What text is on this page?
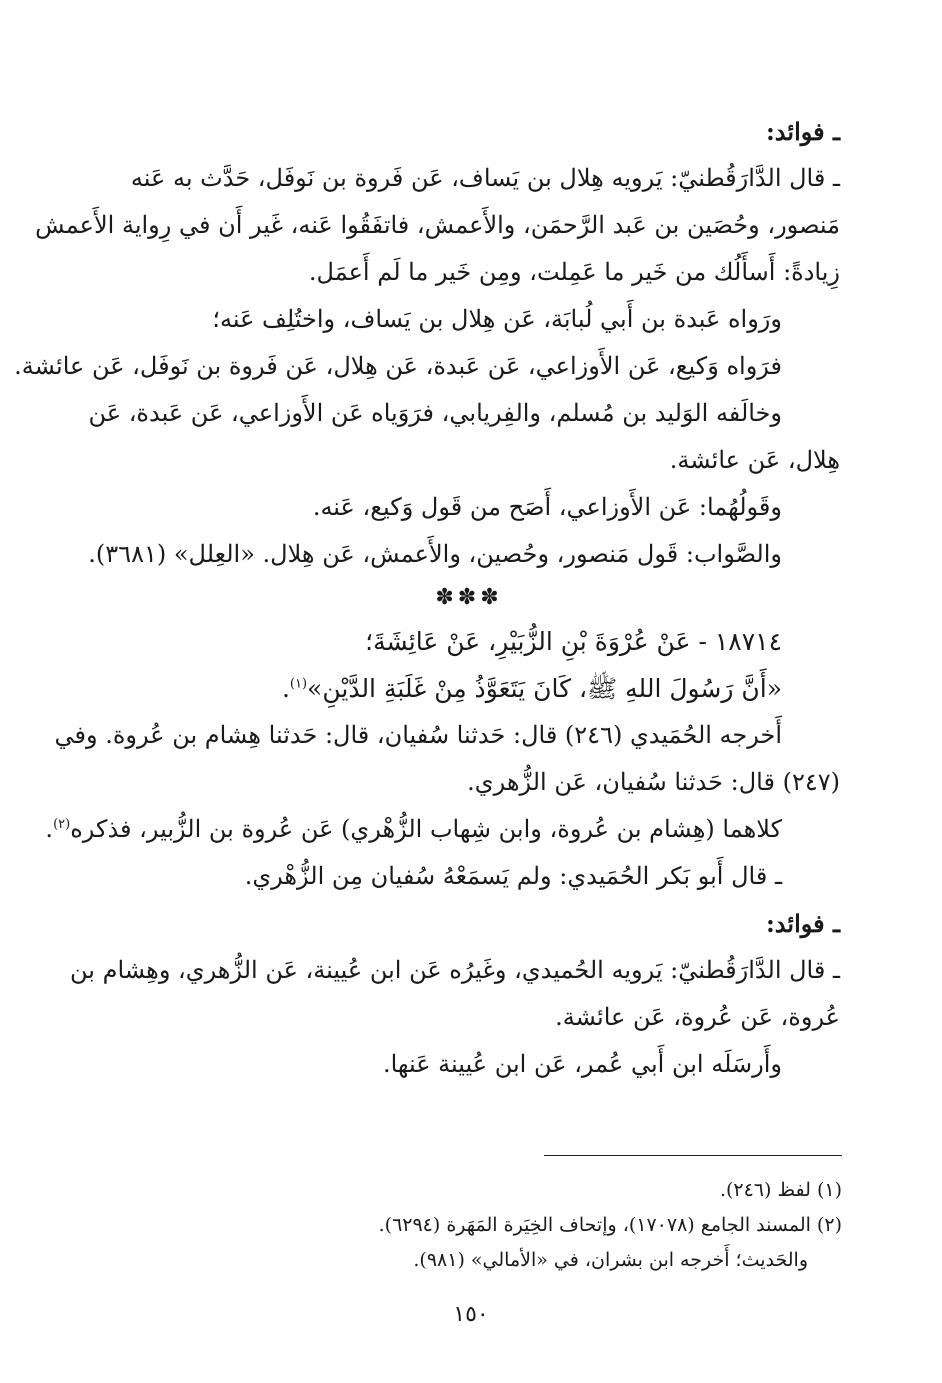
ـ فوائد:
ـ قال الدَّارَقُطنيّ: يَرويه هِلال بن يَساف، عَن فَروة بن نَوفَل، حَدَّث به عَنه
مَنصور، وحُصَين بن عَبد الرَّحمَن، والأَعمش، فاتفَقُوا عَنه، غَير أَن في رِواية الأَعمش
زِيادةً: أَسأَلُك من خَير ما عَمِلت، ومِن خَير ما لَم أَعمَل.
ورَواه عَبدة بن أَبي لُبابَة، عَن هِلال بن يَساف، واختُلِف عَنه؛
فرَواه وَكيع، عَن الأَوزاعي، عَن عَبدة، عَن هِلال، عَن فَروة بن نَوفَل، عَن عائشة.
وخالَفه الوَليد بن مُسلم، والفِريابي، فرَوَياه عَن الأَوزاعي، عَن عَبدة، عَن
هِلال، عَن عائشة.
وقَولُهُما: عَن الأَوزاعي، أَصَح من قَول وَكيع، عَنه.
والصَّواب: قَول مَنصور، وحُصين، والأَعمش، عَن هِلال. «العِلل» (٣٦٨١).
✽✽✽
١٨٧١٤ - عَنْ عُرْوَةَ بْنِ الزُّبَيْرِ، عَنْ عَائِشَةَ؛
«أَنَّ رَسُولَ اللهِ ﷺ، كَانَ يَتَعَوَّذُ مِنْ غَلَبَةِ الدَّيْنِ»$^{(١)}$.
أَخرجه الحُمَيدي (٢٤٦) قال: حَدثنا سُفيان، قال: حَدثنا هِشام بن عُروة. وفي
(٢٤٧) قال: حَدثنا سُفيان، عَن الزُّهري.
كلاهما (هِشام بن عُروة، وابن شِهاب الزُّهْري) عَن عُروة بن الزُّبير، فذكره$^{(٢)}$.
ـ قال أَبو بَكر الحُمَيدي: ولم يَسمَعْهُ سُفيان مِن الزُّهْري.
ـ فوائد:
ـ قال الدَّارَقُطنيّ: يَرويه الحُميدي، وغَيرُه عَن ابن عُيينة، عَن الزُّهري، وهِشام بن
عُروة، عَن عُروة، عَن عائشة.
وأَرسَلَه ابن أَبي عُمر، عَن ابن عُيينة عَنها.
(١) لفظ (٢٤٦).
(٢) المسند الجامع (١٧٠٧٨)، وإتحاف الخِيَرة المَهَرة (٦٢٩٤).
والحَديث؛ أَخرجه ابن بشران، في «الأمالي» (٩٨١).
١٥٠
